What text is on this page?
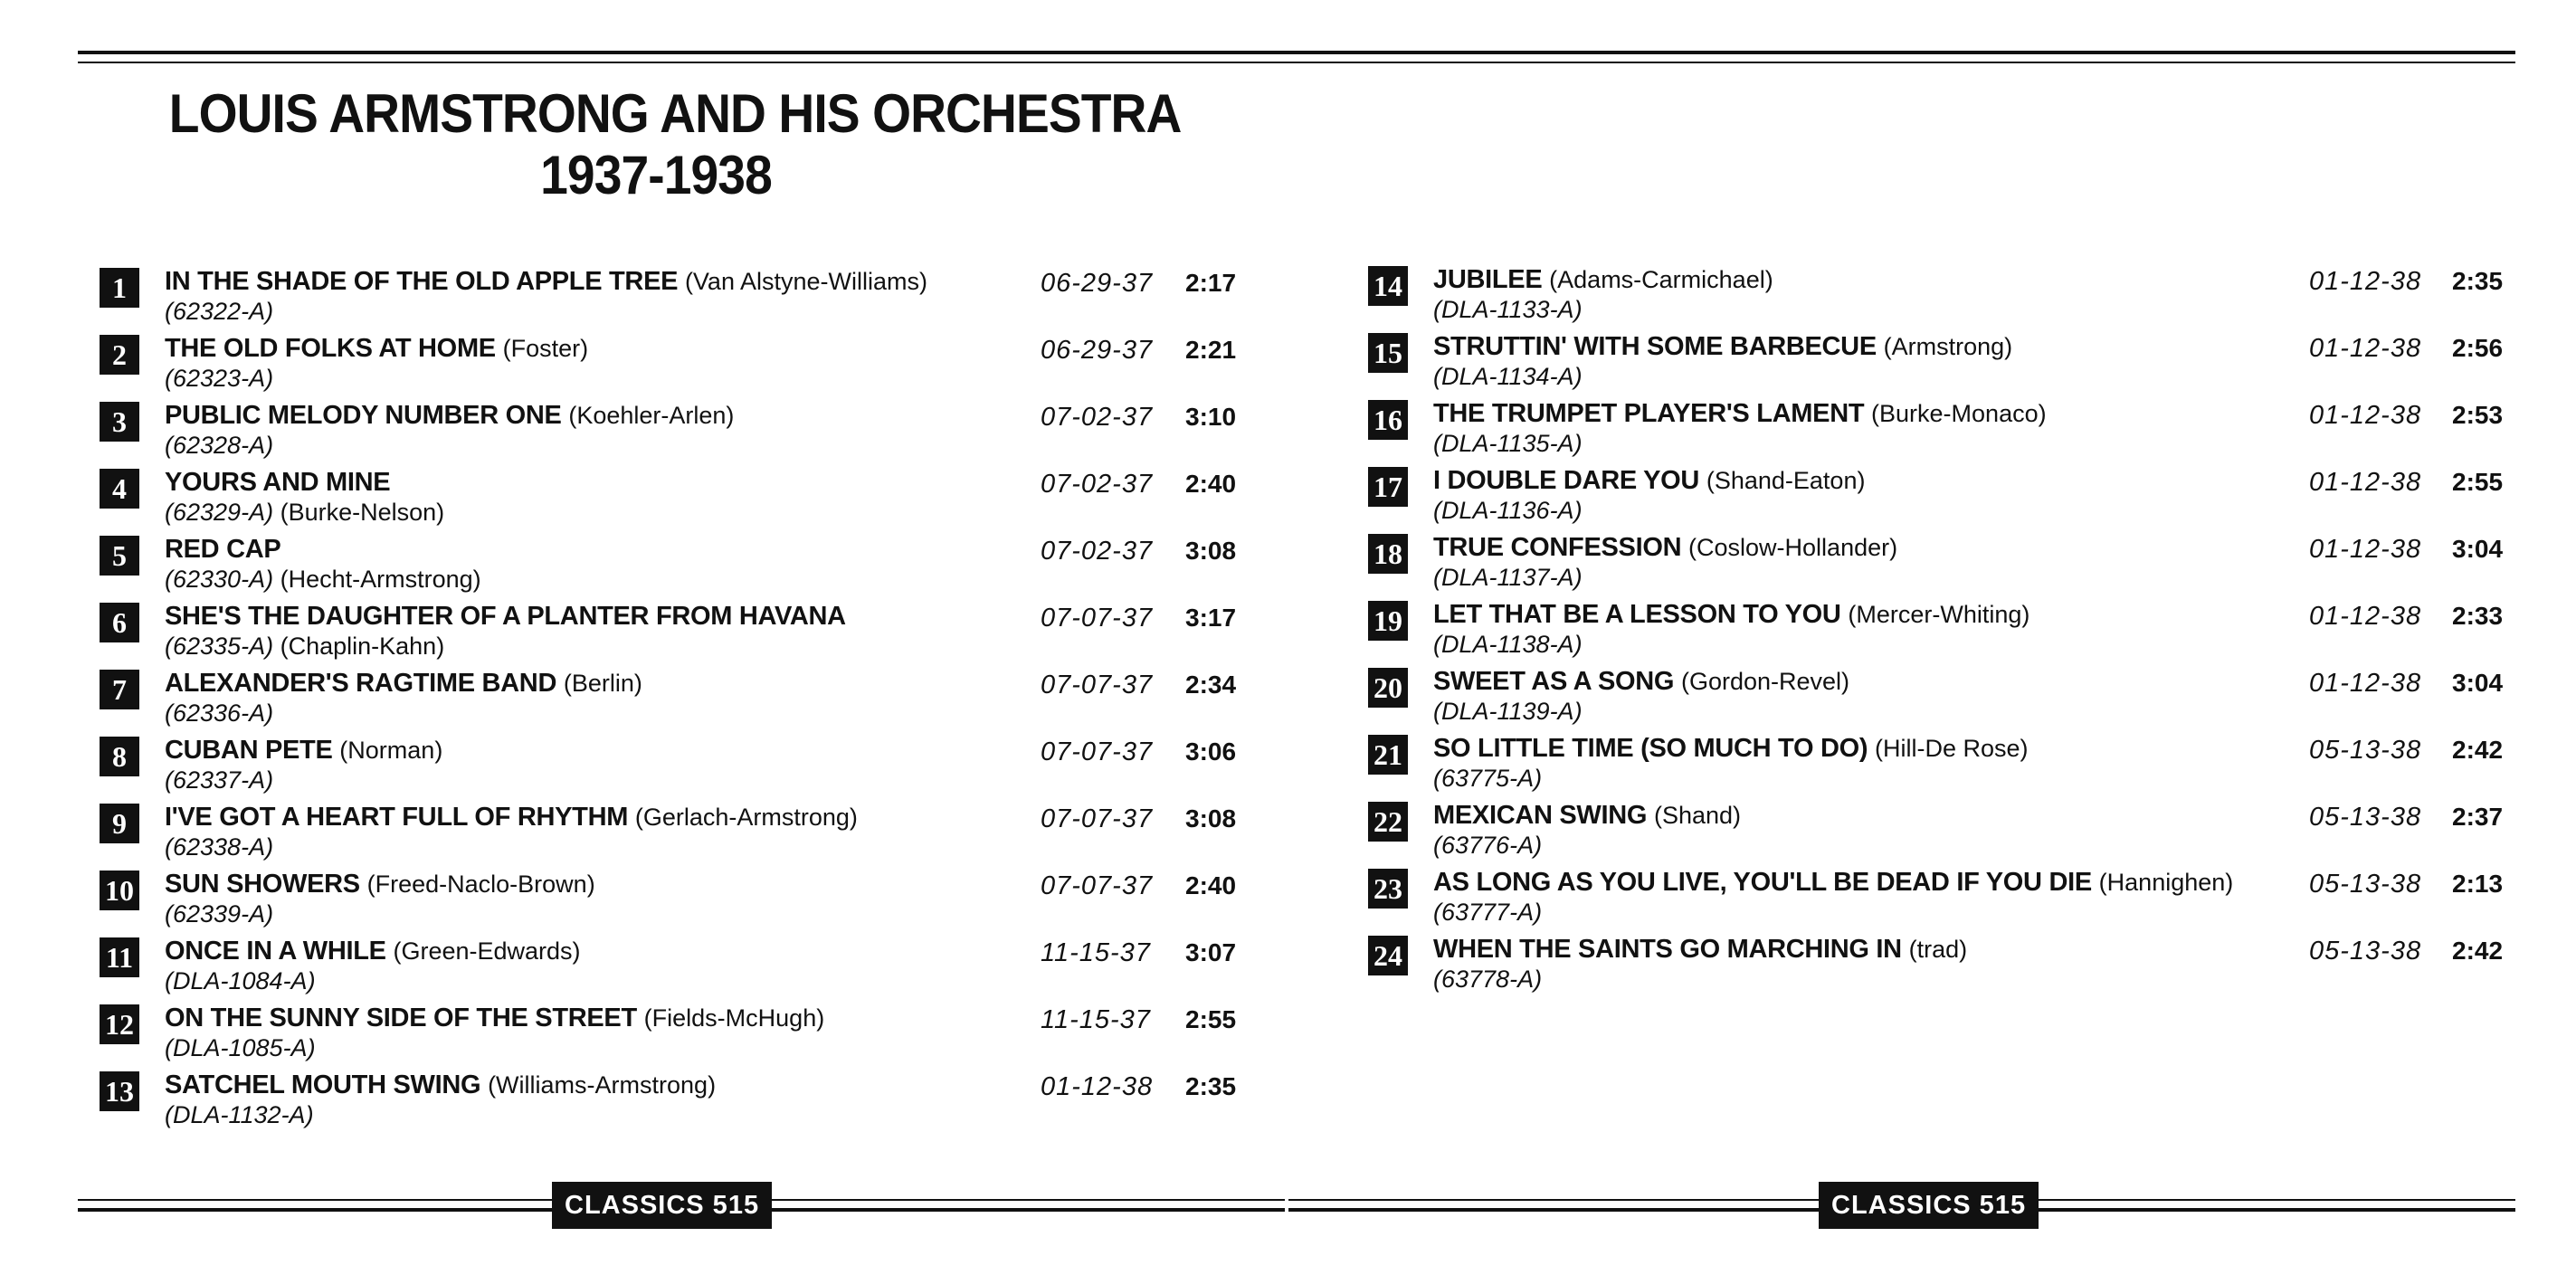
LOUIS ARMSTRONG AND HIS ORCHESTRA
1937-1938
1	IN THE SHADE OF THE OLD APPLE TREE (Van Alstyne-Williams)
(62322-A)
06-29-37 2:17
2	THE OLD FOLKS AT HOME (Foster)
(62323-A)
06-29-37 2:21
3	PUBLIC MELODY NUMBER ONE (Koehler-Arlen)
(62328-A)
07-02-37 3:10
4	YOURS AND MINE
(62329-A) (Burke-Nelson)
07-02-37 2:40
5	RED CAP
(62330-A) (Hecht-Armstrong)
07-02-37 3:08
6	SHE'S THE DAUGHTER OF A PLANTER FROM HAVANA
(62335-A) (Chaplin-Kahn)
07-07-37 3:17
7	ALEXANDER'S RAGTIME BAND (Berlin)
(62336-A)
07-07-37 2:34
8	CUBAN PETE (Norman)
(62337-A)
07-07-37 3:06
9	I'VE GOT A HEART FULL OF RHYTHM (Gerlach-Armstrong)
(62338-A)
07-07-37 3:08
10 SUN SHOWERS (Freed-Naclo-Brown)
(62339-A)
07-07-37 2:40
11 ONCE IN A WHILE (Green-Edwards)
(DLA-1084-A)
11-15-37 3:07
12 ON THE SUNNY SIDE OF THE STREET (Fields-McHugh)
(DLA-1085-A)
11-15-37 2:55
13 SATCHEL MOUTH SWING (Williams-Armstrong)
(DLA-1132-A)
01-12-38 2:35
14 JUBILEE (Adams-Carmichael)
(DLA-1133-A)
01-12-38 2:35
15 STRUTTIN' WITH SOME BARBECUE (Armstrong)
(DLA-1134-A)
01-12-38 2:56
16 THE TRUMPET PLAYER'S LAMENT (Burke-Monaco)
(DLA-1135-A)
01-12-38 2:53
17 I DOUBLE DARE YOU (Shand-Eaton)
(DLA-1136-A)
01-12-38 2:55
18 TRUE CONFESSION (Coslow-Hollander)
(DLA-1137-A)
01-12-38 3:04
19 LET THAT BE A LESSON TO YOU (Mercer-Whiting)
(DLA-1138-A)
01-12-38 2:33
20 SWEET AS A SONG (Gordon-Revel)
(DLA-1139-A)
01-12-38 3:04
21 SO LITTLE TIME (SO MUCH TO DO) (Hill-De Rose)
(63775-A)
05-13-38 2:42
22 MEXICAN SWING (Shand)
(63776-A)
05-13-38 2:37
23 AS LONG AS YOU LIVE, YOU'LL BE DEAD IF YOU DIE (Hannighen)
(63777-A)
05-13-38 2:13
24 WHEN THE SAINTS GO MARCHING IN (trad)
(63778-A)
05-13-38 2:42
CLASSICS 515	CLASSICS 515
